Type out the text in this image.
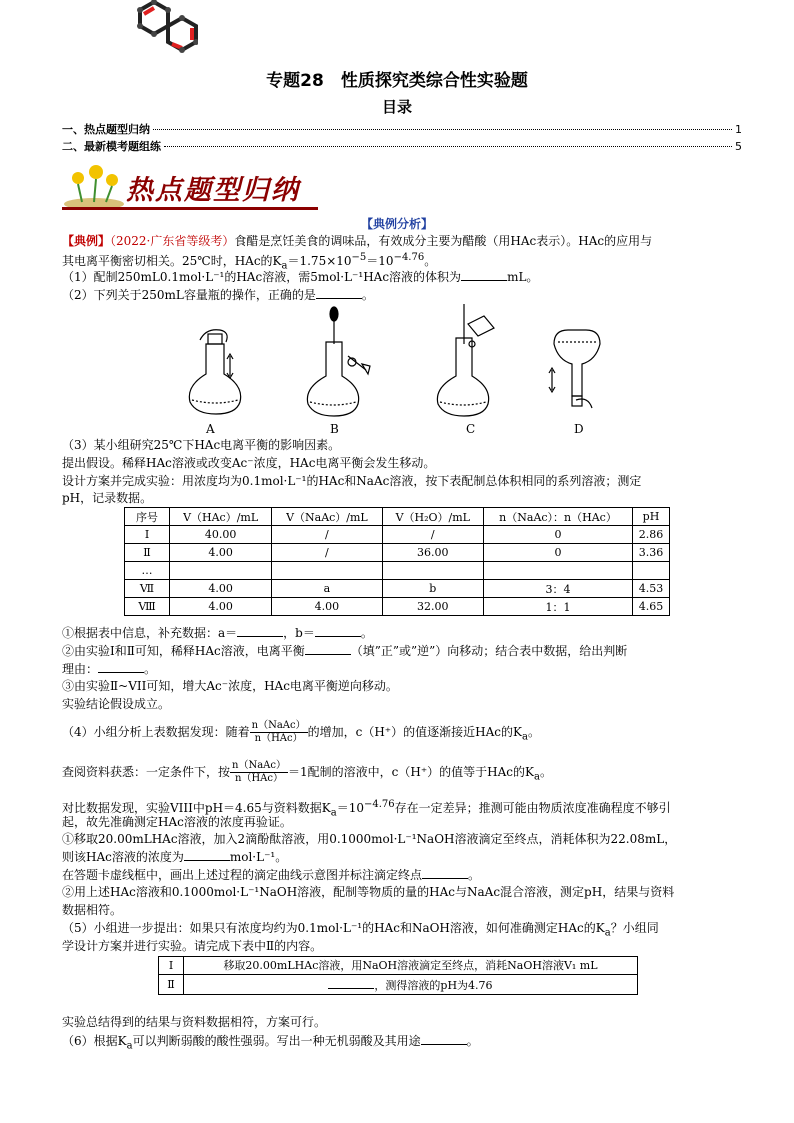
专题28　性质探究类综合性实验题
目录
一、热点题型归纳	1
二、最新模考题组练	5
热点题型归纳
【典例分析】
【典例】（2022·广东省等级考）食醋是烹饪美食的调味品，有效成分主要为醋酸（用HAc表示）。HAc的应用与
其电离平衡密切相关。25℃时，HAc的$K_a=1.75\times 10^{-5}=10^{-4.76}$。
（1）配制250mL0.1mol·L⁻¹的HAc溶液，需5mol·L⁻¹HAc溶液的体积为	mL。
（2）下列关于250mL容量瓶的操作，正确的是	。
A	B	C	D
（3）某小组研究25℃下HAc电离平衡的影响因素。
提出假设。稀释HAc溶液或改变Ac⁻浓度，HAc电离平衡会发生移动。
设计方案并完成实验：用浓度均为0.1mol·L⁻¹的HAc和NaAc溶液，按下表配制总体积相同的系列溶液；测定
pH，记录数据。
序号	V（HAc）/mL	V（NaAc）/mL	V（H₂O）/mL	n（NaAc）：n（HAc）	pH
Ⅰ	40.00	/	/	0	2.86
Ⅱ	4.00	/	36.00	0	3.36
…					
Ⅶ	4.00	a	b	3：4	4.53
Ⅷ	4.00	4.00	32.00	1：1	4.65
①根据表中信息，补充数据：a＝	，b＝	。
②由实验Ⅰ和Ⅱ可知，稀释HAc溶液，电离平衡	（填”正”或”逆”）向移动；结合表中数据，给出判断
理由：	。
③由实验Ⅱ~VII可知，增大Ac⁻浓度，HAc电离平衡逆向移动。
实验结论假设成立。
（4）小组分析上表数据发现：随着 $\frac{\text{n（NaAc）}}{\text{n（HAc）}}$ 的增加，c（H⁺）的值逐渐接近HAc的$K_a$。
查阅资料获悉：一定条件下，按 $\frac{\text{n（NaAc）}}{\text{n（HAc）}} =1$配制的溶液中，c（H⁺）的值等于HAc的$K_a$。
对比数据发现，实验VIII中pH＝4.65与资料数据$K_a=10^{-4.76}$存在一定差异；推测可能由物质浓度准确程度不够引
起，故先准确测定HAc溶液的浓度再验证。
①移取20.00mLHAc溶液，加入2滴酚酞溶液，用0.1000mol·L⁻¹NaOH溶液滴定至终点，消耗体积为22.08mL，
则该HAc溶液的浓度为	mol·L⁻¹。
在答题卡虚线框中，画出上述过程的滴定曲线示意图并标注滴定终点	。
②用上述HAc溶液和0.1000mol·L⁻¹NaOH溶液，配制等物质的量的HAc与NaAc混合溶液，测定pH，结果与资料
数据相符。
（5）小组进一步提出：如果只有浓度均约为0.1mol·L⁻¹的HAc和NaOH溶液，如何准确测定HAc的$K_a$？小组同
学设计方案并进行实验。请完成下表中Ⅱ的内容。
Ⅰ	移取20.00mLHAc溶液，用NaOH溶液滴定至终点，消耗NaOH溶液V₁ mL
Ⅱ	，测得溶液的pH为4.76
实验总结得到的结果与资料数据相符，方案可行。
（6）根据$K_a$可以判断弱酸的酸性强弱。写出一种无机弱酸及其用途	。
